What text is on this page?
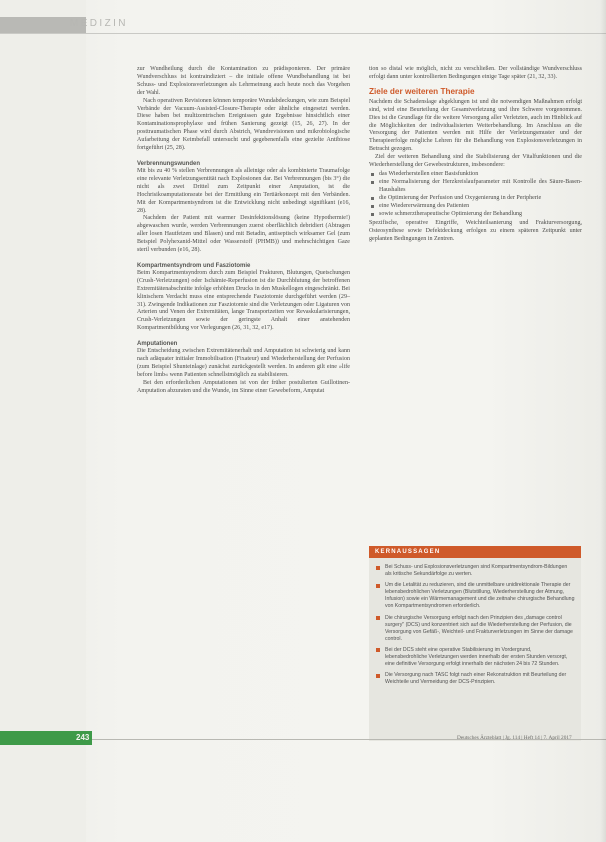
MEDIZIN

zur Wundheilung durch die Kontamination zu prädisponieren. Der primäre Wundverschluss ist kontraindiziert – die initiale offene Wundbehandlung ist bei Schuss- und Explosionsverletzungen als Lehrmeinung auch heute noch das Vorgehen der Wahl.

Nach operativen Revisionen können temporäre Wundabdeckungen, wie zum Beispiel Verbände der Vacuum-Assisted-Closure-Therapie oder ähnliche eingesetzt werden. Diese haben bei multizentrischen Ereignissen gute Ergebnisse hinsichtlich einer Kontaminationsprophylaxe und frühen Sanierung gezeigt (15, 26, 27). In der posttraumatischen Phase wird durch Abstrich, Wundrevisionen und mikrobiologische Aufarbeitung der Keimbefall untersucht und gegebenenfalls eine gezielte Antibiose fortgeführt (25, 28).

Verbrennungswunden

Mit bis zu 40 % stellen Verbrennungen als alleinige oder als kombinierte Traumafolge eine relevante Verletzungsentität nach Explosionen dar. Bei Verbrennungen (bis 3°) die nicht als zwei Drittel zum Zeitpunkt einer Amputation, ist die Hochrisikoamputationsrate bei der Ermittlung ein Tertiärkonzept mit den Verbänden. Mit der Kompartmentsyndrom ist die Entwicklung nicht unbedingt signifikant (e16, 28).

Nachdem der Patient mit warmer Desinfektionslösung (keine Hypothermie!) abgewaschen wurde, werden Verbrennungen zuerst oberflächlich debridiert (Abtragen aller losen Hautfetzen und Blasen) und mit Betadin, antiseptisch wirksamer Gel (zum Beispiel Polyhexanid-Mittel oder Wasserstoff (PHMB)) und mehrschichtigen Gaze steril verbunden (e16, 28).

Kompartmentsyndrom und Fasziotomie

Beim Kompartmentsyndrom durch zum Beispiel Frakturen, Blutungen, Quetschungen (Crush-Verletzungen) oder Ischämie-Reperfusion ist die Durchblutung der betroffenen Extremitätenabschnitte infolge erhöhten Drucks in den Muskellogen eingeschränkt. Bei klinischem Verdacht muss eine entsprechende Fasziotomie durchgeführt werden (29–31). Zwingende Indikationen zur Fasziotomie sind die Verletzungen oder Ligaturen von Arterien und Venen der Extremitäten, lange Transportzeiten vor Revaskularisierungen, Crush-Verletzungen sowie der geringste Anhalt einer anstehenden Kompartmentbildung vor Verlegungen (26, 31, 32, e17).

Amputationen

Die Entscheidung zwischen Extremitätenerhalt und Amputation ist schwierig und kann nach adäquater initialer Immobilisation (Fixateur) und Wiederherstellung der Perfusion (zum Beispiel Shunteinlage) zunächst zurückgestellt werden. In anderen gilt eine »life before limb« wenn Patienten schnellstmöglich zu stabilisieren.

Bei den erforderlichen Amputationen ist von der früher postulierten Guillotinen-Amputation abzuraten und die Wunde, im Sinne einer Gewebeform, Amputat

tion so distal wie möglich, nicht zu verschließen. Der vollständige Wundverschluss erfolgt dann unter kontrollierten Bedingungen einige Tage später (21, 32, 33).

Ziele der weiteren Therapie

Nachdem die Schadenslage abgeklungen ist und die notwendigen Maßnahmen erfolgt sind, wird eine Beurteilung der Gesamtverletzung und ihre Schwere vorgenommen. Dies ist die Grundlage für die weitere Versorgung aller Verletzten, auch im Hinblick auf die Möglichkeiten der individualisierten Weiterbehandlung. Im Anschluss an die Versorgung der Patienten werden mit Hilfe der Verletzungsmuster und der Therapieerfolge mögliche Lehren für die Behandlung von Explosionsverletzungen in Betracht gezogen.

Ziel der weiteren Behandlung sind die Stabilisierung der Vitalfunktionen und die Wiederherstellung der Gewebestrukturen, insbesondere:

das Wiederherstellen einer Basisfunktion
eine Normalisierung der Herzkreislaufparameter mit Kontrolle des Säure-Basen-Haushaltes
die Optimierung der Perfusion und Oxygenierung in der Peripherie
eine Wiedererwärmung des Patienten
sowie schmerztherapeutische Optimierung der Behandlung

Spezifische, operative Eingriffe, Weichteilsanierung und Frakturversorgung, Osteosynthese sowie Defektdeckung erfolgen zu einem späteren Zeitpunkt unter geplanten Bedingungen in Zentren.

KERNAUSSAGEN
Bei Schuss- und Explosionsverletzungen sind Kompartmentsyndrom-Bildungen als kritische Sekundärfolge zu werten.
Um die Letalität zu reduzieren, sind die unmittelbare unidirektionale Therapie der lebensbedrohlichen Verletzungen (Blutstillung, Wiederherstellung der Atmung, Infusion) sowie ein Wärmemanagement und die zeitnahe chirurgische Behandlung von Kompartmentsyndromen erforderlich.
Die chirurgische Versorgung erfolgt nach den Prinzipien des „damage control surgery" (DCS) und konzentriert sich auf die Wiederherstellung der Perfusion, die Versorgung von Gefäß-, Weichteil- und Frakturverletzungen im Sinne der damage control.
Bei der DCS steht eine operative Stabilisierung im Vordergrund, lebensbedrohliche Verletzungen werden innerhalb der ersten Stunden versorgt, eine definitive Versorgung erfolgt innerhalb der nächsten 24 bis 72 Stunden.
Die Versorgung nach TASC folgt nach einer Rekonstruktion mit Beurteilung der Weichteile und Vermeidung der DCS-Prinzipien.
243	Deutsches Ärzteblatt | Jg. 114 | Heft 14 | 7. April 2017
